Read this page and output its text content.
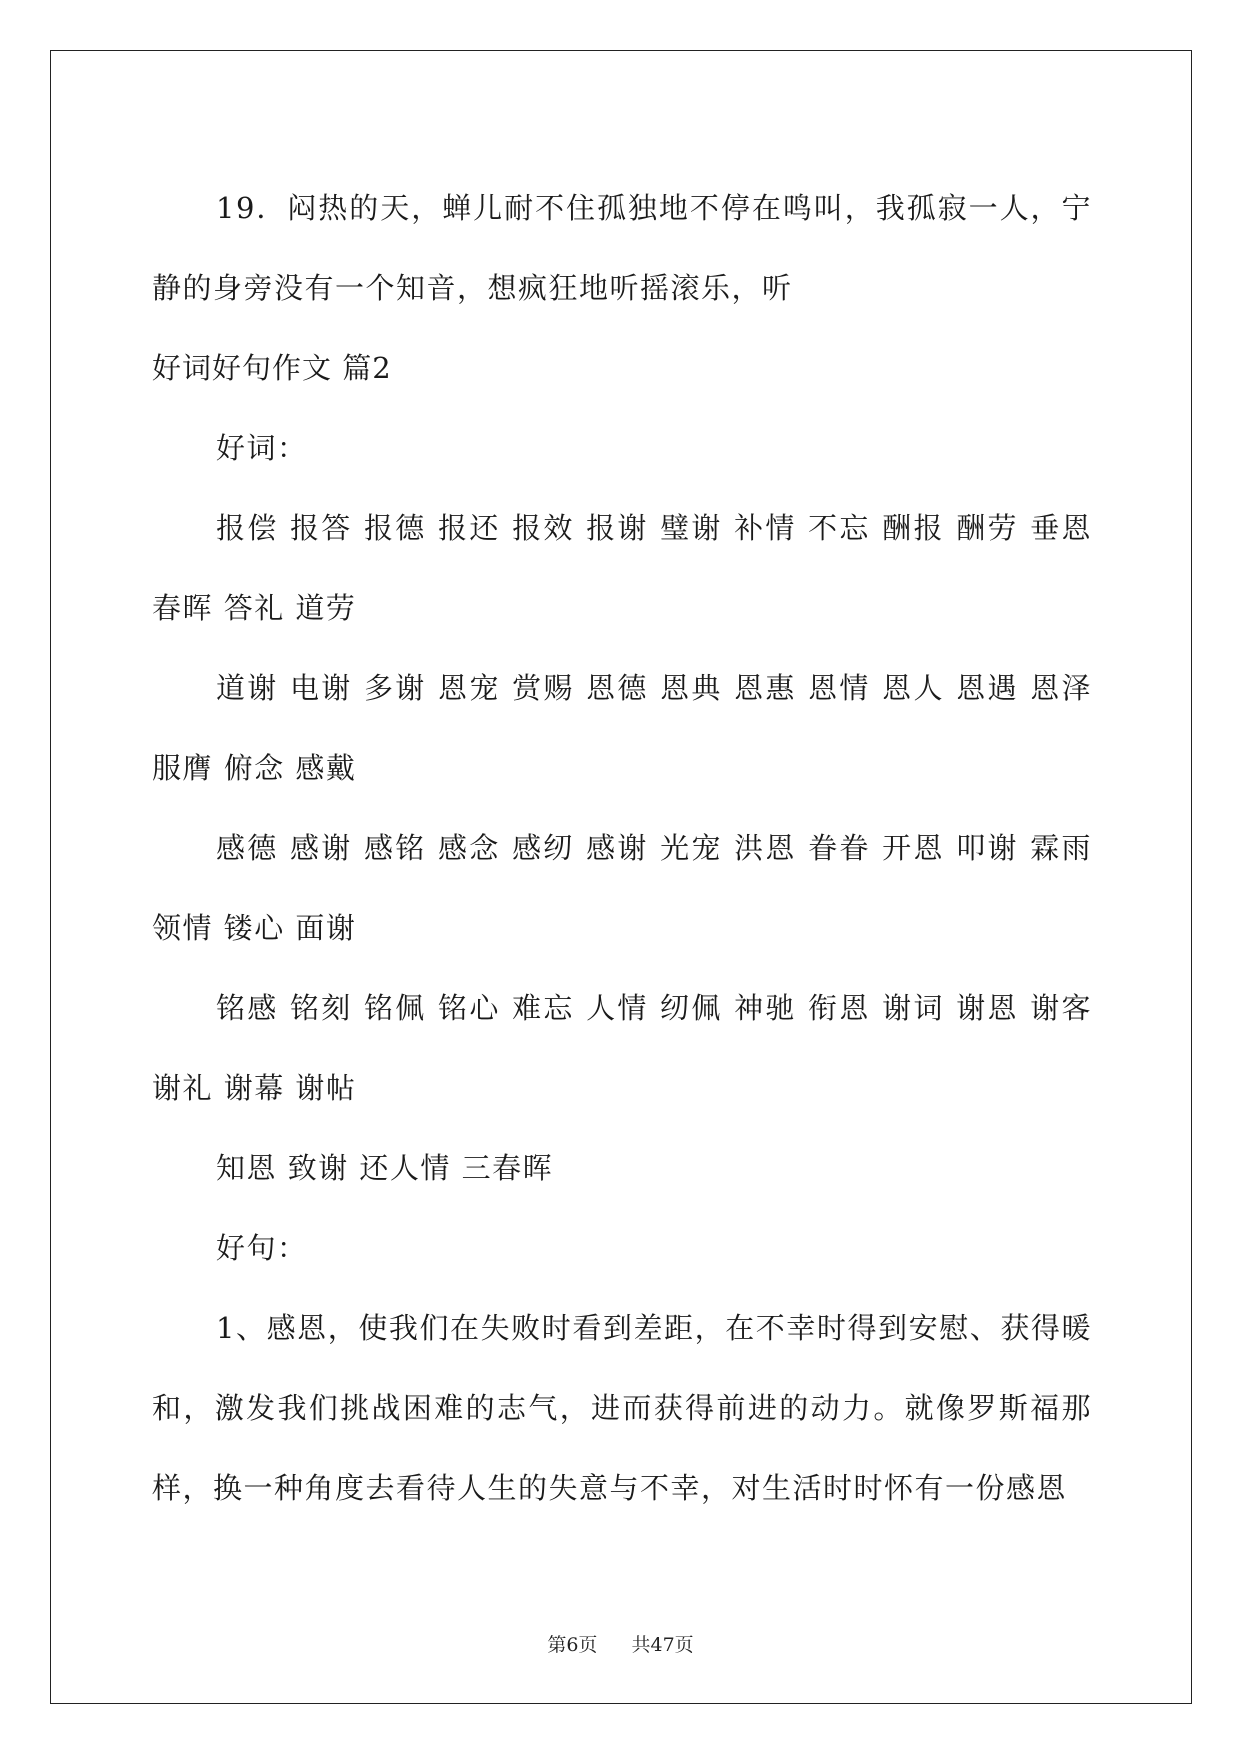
19．闷热的天，蝉儿耐不住孤独地不停在鸣叫，我孤寂一人，宁静的身旁没有一个知音，想疯狂地听摇滚乐，听

好词好句作文 篇2

好词：

报偿 报答 报德 报还 报效 报谢 璧谢 补情 不忘 酬报 酬劳 垂恩 春晖 答礼 道劳

道谢 电谢 多谢 恩宠 赏赐 恩德 恩典 恩惠 恩情 恩人 恩遇 恩泽 服膺 俯念 感戴

感德 感谢 感铭 感念 感纫 感谢 光宠 洪恩 眷眷 开恩 叩谢 霖雨 领情 镂心 面谢

铭感 铭刻 铭佩 铭心 难忘 人情 纫佩 神驰 衔恩 谢词 谢恩 谢客 谢礼 谢幕 谢帖

知恩 致谢 还人情 三春晖

好句：

1、感恩，使我们在失败时看到差距，在不幸时得到安慰、获得暖和，激发我们挑战困难的志气，进而获得前进的动力。就像罗斯福那样，换一种角度去看待人生的失意与不幸，对生活时时怀有一份感恩

第6页 共47页
